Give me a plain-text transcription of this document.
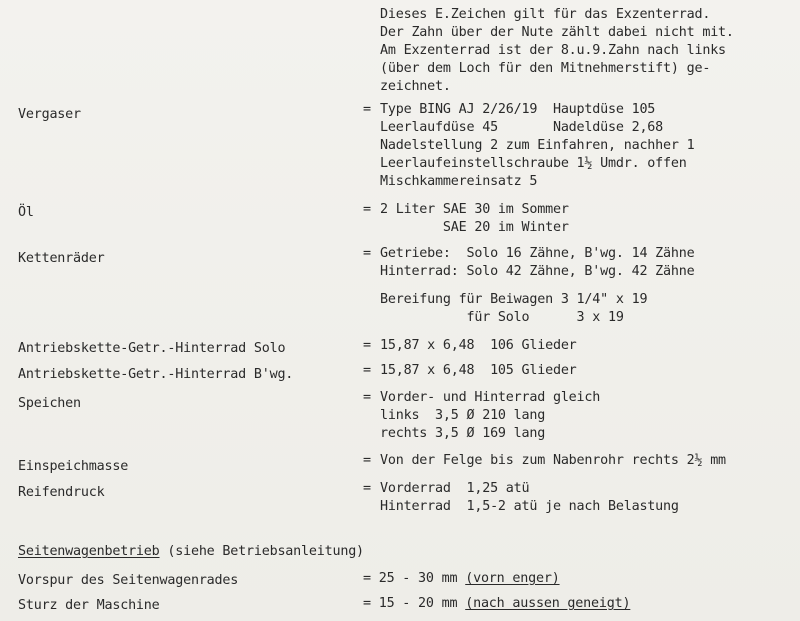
Dieses E.Zeichen gilt für das Exzenterrad.
Der Zahn über der Nute zählt dabei nicht mit.
Am Exzenterrad ist der 8.u.9.Zahn nach links
(über dem Loch für den Mitnehmerstift) ge-
zeichnet.
Vergaser	= Type BING AJ 2/26/19  Hauptdüse 105
Leerlaufdüse 45       Nadeldüse 2,68
Nadelstellung 2 zum Einfahren, nachher 1
Leerlaufeinstellschraube 1½ Umdr. offen
Mischkammereinsatz 5
Öl	= 2 Liter SAE 30 im Sommer
SAE 20 im Winter
Kettenräder	= Getriebe:  Solo 16 Zähne, B'wg. 14 Zähne
Hinterrad: Solo 42 Zähne, B'wg. 42 Zähne
Bereifung für Beiwagen 3 1/4" x 19
für Solo      3 x 19
Antriebskette-Getr.-Hinterrad Solo	= 15,87 x 6,48  106 Glieder
Antriebskette-Getr.-Hinterrad B'wg.	= 15,87 x 6,48  105 Glieder
Speichen	= Vorder- und Hinterrad gleich
links  3,5 Ø 210 lang
rechts 3,5 Ø 169 lang
Einspeichmasse	= Von der Felge bis zum Nabenrohr rechts 2½ mm
Reifendruck	= Vorderrad  1,25 atü
Hinterrad  1,5-2 atü je nach Belastung
Seitenwagenbetrieb (siehe Betriebsanleitung)
Vorspur des Seitenwagenrades	= 25 - 30 mm (vorn enger)
Sturz der Maschine	= 15 - 20 mm (nach aussen geneigt)
